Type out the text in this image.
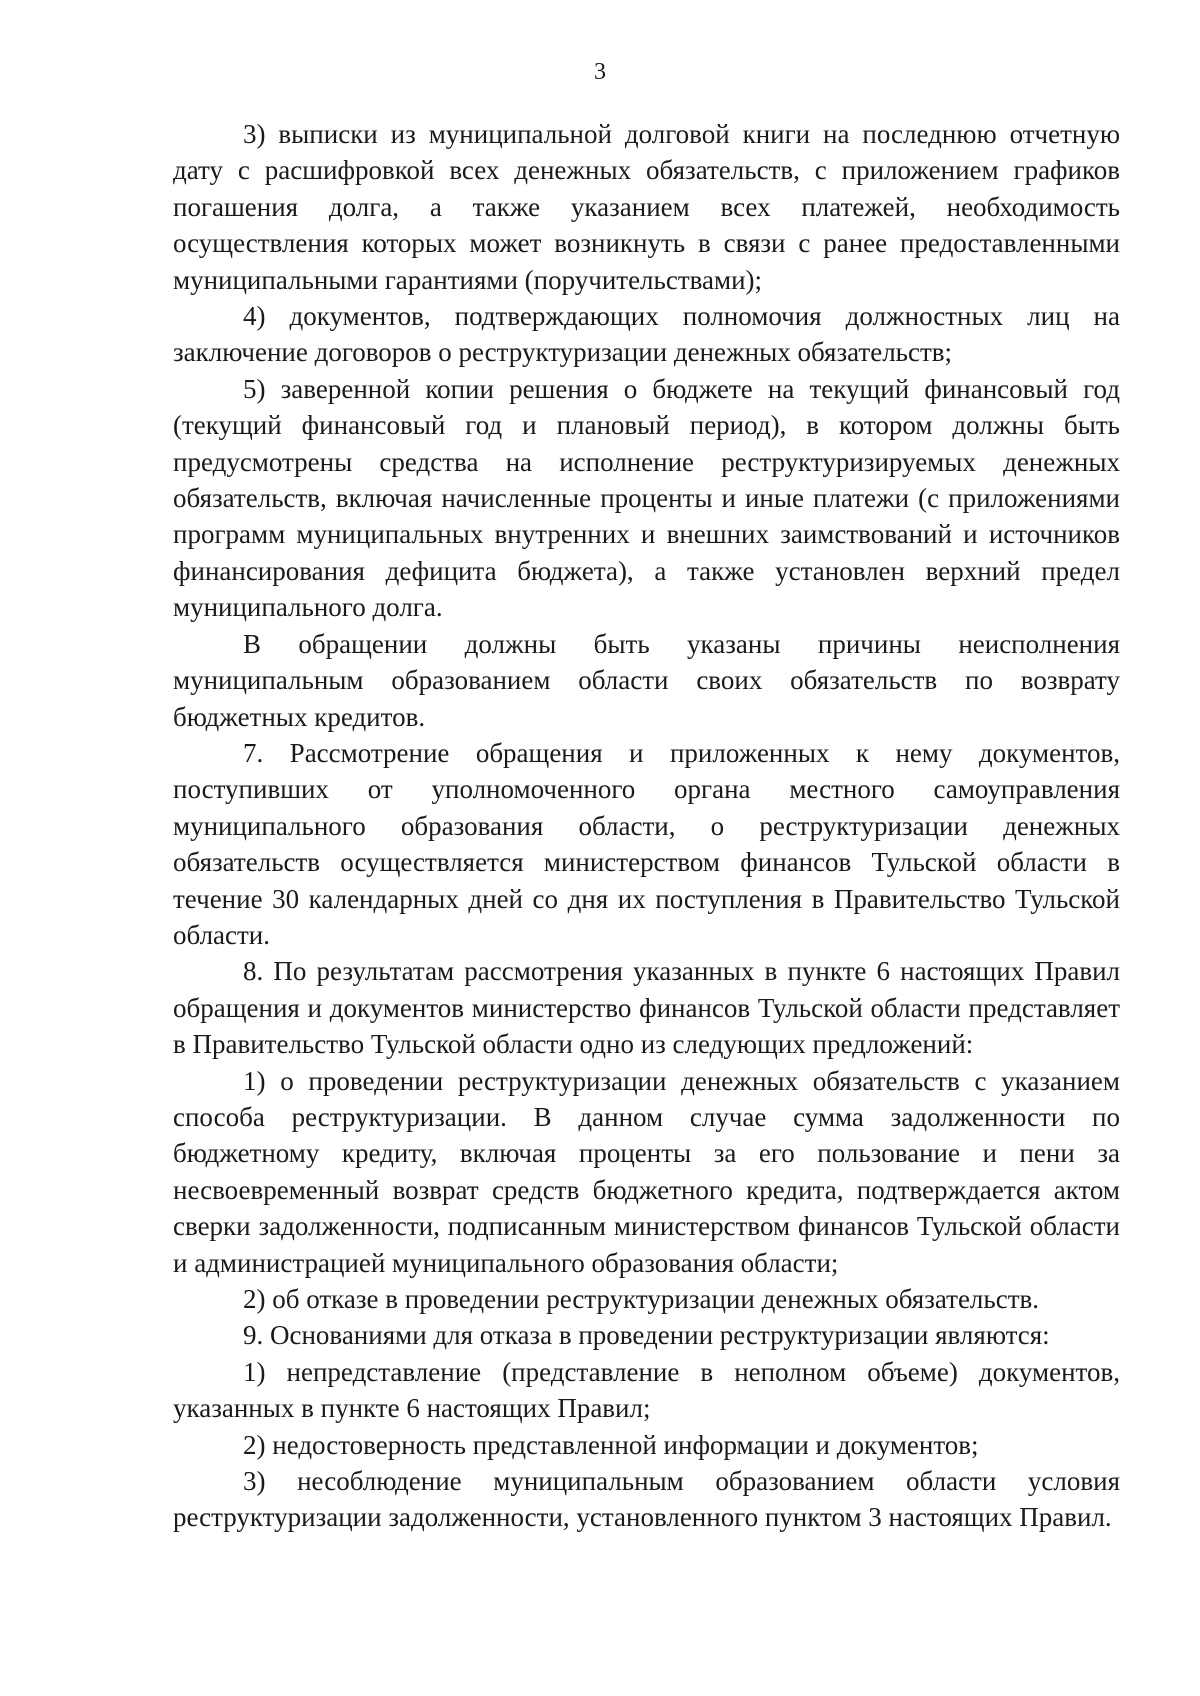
3

3) выписки из муниципальной долговой книги на последнюю отчетную дату с расшифровкой всех денежных обязательств, с приложением графиков погашения долга, а также указанием всех платежей, необходимость осуществления которых может возникнуть в связи с ранее предоставленными муниципальными гарантиями (поручительствами);

4) документов, подтверждающих полномочия должностных лиц на заключение договоров о реструктуризации денежных обязательств;

5) заверенной копии решения о бюджете на текущий финансовый год (текущий финансовый год и плановый период), в котором должны быть предусмотрены средства на исполнение реструктуризируемых денежных обязательств, включая начисленные проценты и иные платежи (с приложениями программ муниципальных внутренних и внешних заимствований и источников финансирования дефицита бюджета), а также установлен верхний предел муниципального долга.

В обращении должны быть указаны причины неисполнения муниципальным образованием области своих обязательств по возврату бюджетных кредитов.

7. Рассмотрение обращения и приложенных к нему документов, поступивших от уполномоченного органа местного самоуправления муниципального образования области, о реструктуризации денежных обязательств осуществляется министерством финансов Тульской области в течение 30 календарных дней со дня их поступления в Правительство Тульской области.

8. По результатам рассмотрения указанных в пункте 6 настоящих Правил обращения и документов министерство финансов Тульской области представляет в Правительство Тульской области одно из следующих предложений:

1) о проведении реструктуризации денежных обязательств с указанием способа реструктуризации. В данном случае сумма задолженности по бюджетному кредиту, включая проценты за его пользование и пени за несвоевременный возврат средств бюджетного кредита, подтверждается актом сверки задолженности, подписанным министерством финансов Тульской области и администрацией муниципального образования области;

2) об отказе в проведении реструктуризации денежных обязательств.

9. Основаниями для отказа в проведении реструктуризации являются:

1) непредставление (представление в неполном объеме) документов, указанных в пункте 6 настоящих Правил;

2) недостоверность представленной информации и документов;

3) несоблюдение муниципальным образованием области условия реструктуризации задолженности, установленного пунктом 3 настоящих Правил.
